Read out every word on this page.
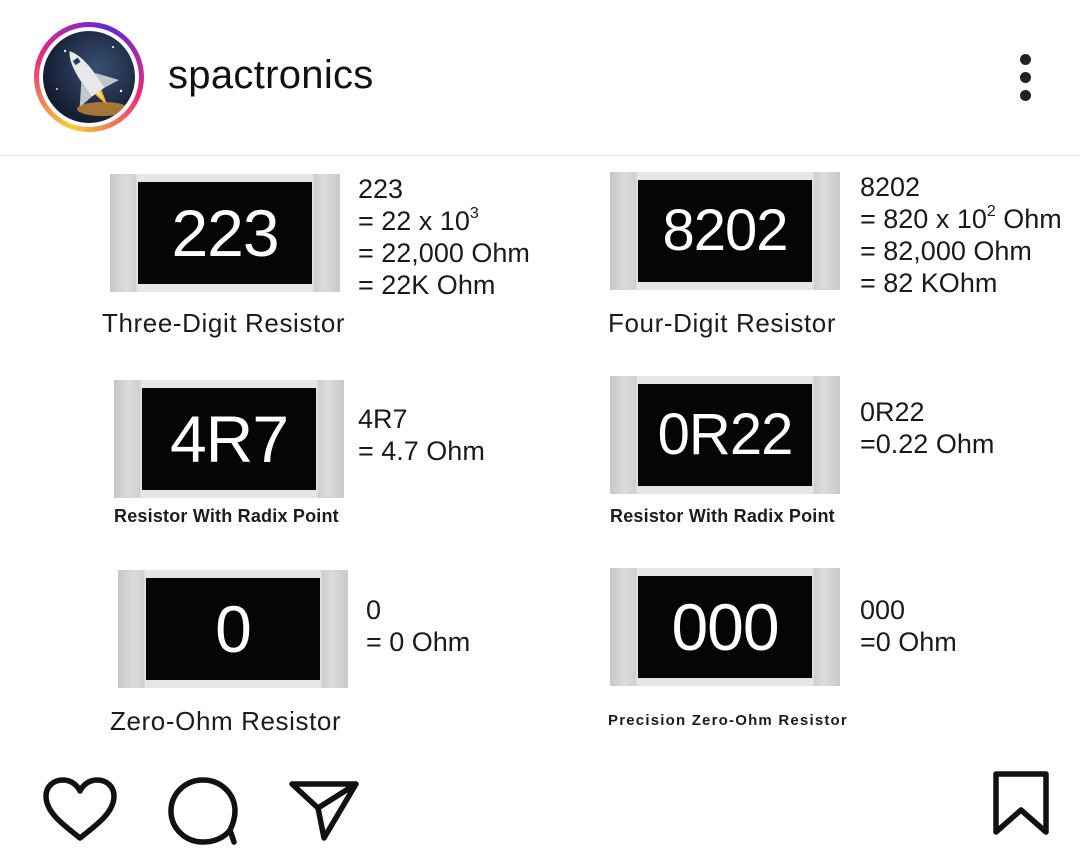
spactronics
223
223
= 22 x $10^3$
= 22,000 Ohm
= 22K Ohm
Three-Digit Resistor
8202
8202
= 820 x $10^2$ Ohm
= 82,000 Ohm
= 82 KOhm
Four-Digit Resistor
4R7	4R7
= 4.7 Ohm
Resistor With Radix Point
0R22	0R22
=0.22 Ohm
Resistor With Radix Point
0	0
= 0 Ohm
Zero-Ohm Resistor
000	000
=0 Ohm
Precision Zero-Ohm Resistor
